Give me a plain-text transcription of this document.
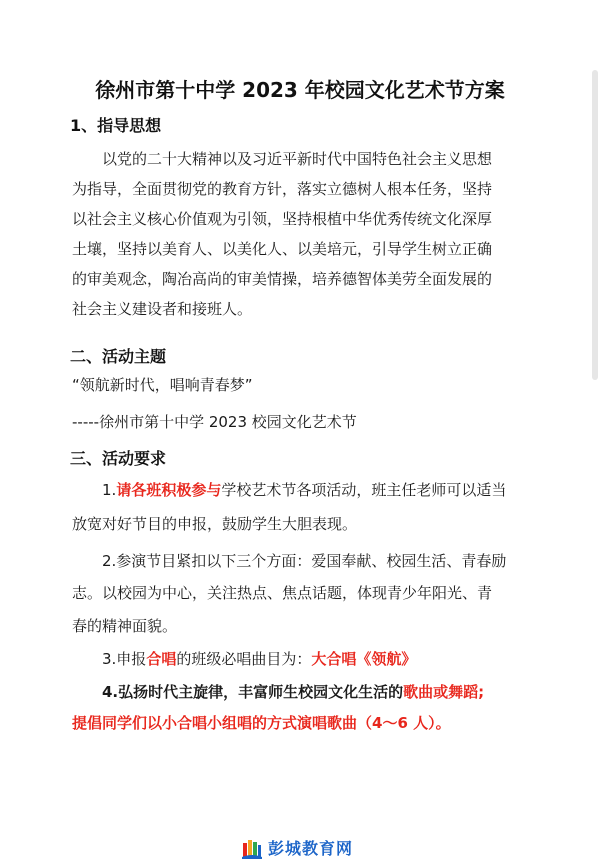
徐州市第十中学 2023 年校园文化艺术节方案
1、指导思想
以党的二十大精神以及习近平新时代中国特色社会主义思想
为指导，全面贯彻党的教育方针，落实立德树人根本任务，坚持
以社会主义核心价值观为引领，坚持根植中华优秀传统文化深厚
土壤，坚持以美育人、以美化人、以美培元，引导学生树立正确
的审美观念，陶冶高尚的审美情操，培养德智体美劳全面发展的
社会主义建设者和接班人。
二、活动主题
“领航新时代，唱响青春梦”
-----徐州市第十中学 2023 校园文化艺术节
三、活动要求
1.请各班积极参与学校艺术节各项活动，班主任老师可以适当
放宽对好节目的申报，鼓励学生大胆表现。
2.参演节目紧扣以下三个方面：爱国奉献、校园生活、青春励
志。以校园为中心，关注热点、焦点话题，体现青少年阳光、青
春的精神面貌。
3.申报合唱的班级必唱曲目为：大合唱《领航》
4.弘扬时代主旋律，丰富师生校园文化生活的歌曲或舞蹈;
提倡同学们以小合唱小组唱的方式演唱歌曲（4～6 人）。
彭城教育网
